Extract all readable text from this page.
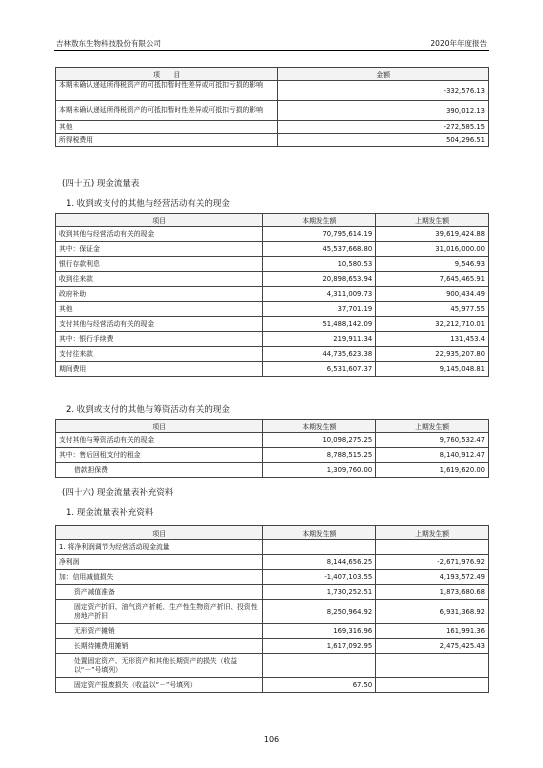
吉林敖东生物科技股份有限公司	2020年年度报告
项　　目	金额
本期未确认递延所得税资产的可抵扣暂时性差异或可抵扣亏损的影响	-332,576.13
本期未确认递延所得税资产的可抵扣暂时性差异或可抵扣亏损的影响	390,012.13
其他	-272,585.15
所得税费用	504,296.51
(四十五) 现金流量表
1. 收到或支付的其他与经营活动有关的现金
项目	本期发生额	上期发生额
收到其他与经营活动有关的现金	70,795,614.19	39,619,424.88
其中：保证金	45,537,668.80	31,016,000.00
银行存款利息	10,580.53	9,546.93
收到往来款	20,898,653.94	7,645,465.91
政府补助	4,311,009.73	900,434.49
其他	37,701.19	45,977.55
支付其他与经营活动有关的现金	51,488,142.09	32,212,710.01
其中：银行手续费	219,911.34	131,453.4
支付往来款	44,735,623.38	22,935,207.80
期间费用	6,531,607.37	9,145,048.81
2. 收到或支付的其他与筹资活动有关的现金
项目	本期发生额	上期发生额
支付其他与筹资活动有关的现金	10,098,275.25	9,760,532.47
其中：售后回租支付的租金	8,788,515.25	8,140,912.47
借款担保费	1,309,760.00	1,619,620.00
(四十六) 现金流量表补充资料
1. 现金流量表补充资料
项目	本期发生额	上期发生额
1. 将净利润调节为经营活动现金流量		
净利润	8,144,656.25	-2,671,976.92
加：信用减值损失	-1,407,103.55	4,193,572.49
资产减值准备	1,730,252.51	1,873,680.68
固定资产折旧、油气资产折耗、生产性生物资产折旧、投资性房地产折旧	8,250,964.92	6,931,368.92
无形资产摊销	169,316.96	161,991.36
长期待摊费用摊销	1,617,092.95	2,475,425.43
处置固定资产、无形资产和其他长期资产的损失（收益以“－”号填列）		
固定资产报废损失（收益以“－”号填列）	67.50	
106
